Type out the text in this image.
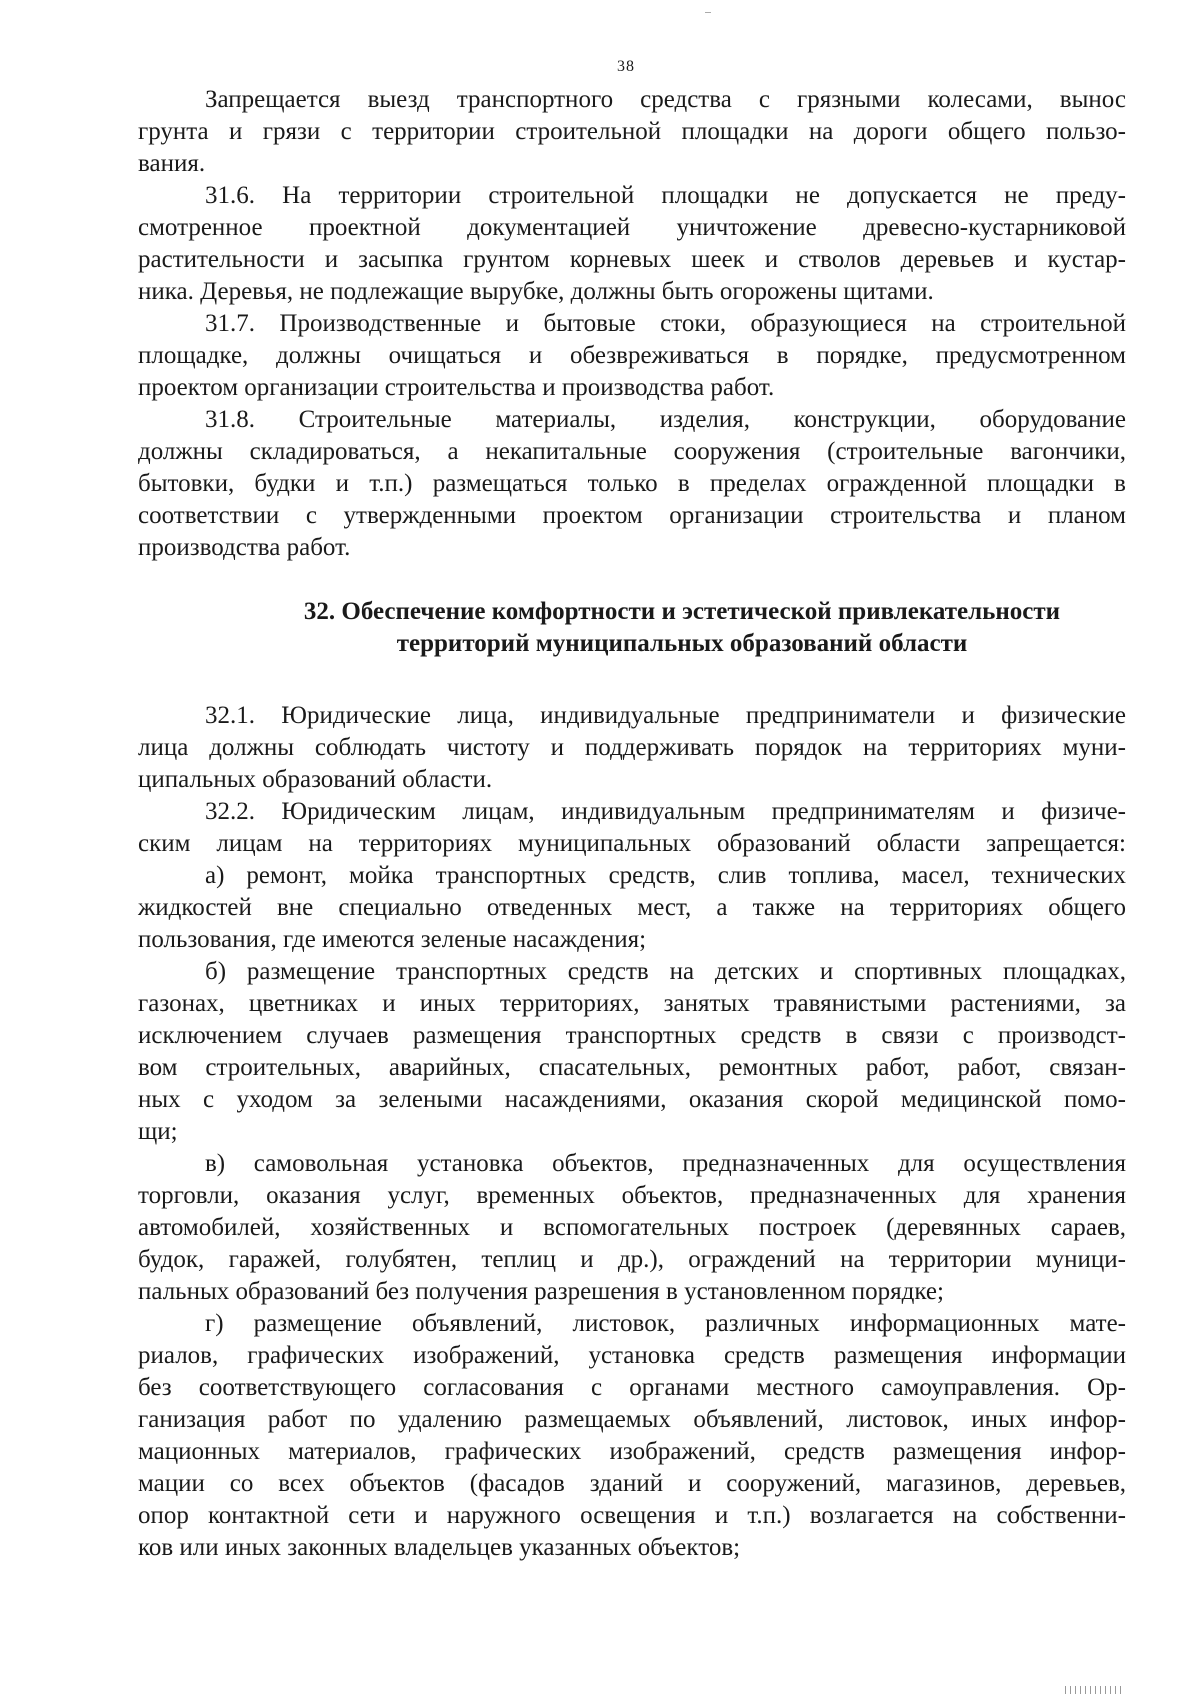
38
Запрещается выезд транспортного средства с грязными колесами, вынос
грунта и грязи с территории строительной площадки на дороги общего пользо-
вания.
31.6. На территории строительной площадки не допускается не преду-
смотренное проектной документацией уничтожение древесно-кустарниковой
растительности и засыпка грунтом корневых шеек и стволов деревьев и кустар-
ника. Деревья, не подлежащие вырубке, должны быть огорожены щитами.
31.7. Производственные и бытовые стоки, образующиеся на строительной
площадке, должны очищаться и обезвреживаться в порядке, предусмотренном
проектом организации строительства и производства работ.
31.8. Строительные материалы, изделия, конструкции, оборудование
должны складироваться, а некапитальные сооружения (строительные вагончики,
бытовки, будки и т.п.) размещаться только в пределах огражденной площадки в
соответствии с утвержденными проектом организации строительства и планом
производства работ.
32. Обеспечение комфортности и эстетической привлекательности
территорий муниципальных образований области
32.1. Юридические лица, индивидуальные предприниматели и физические
лица должны соблюдать чистоту и поддерживать порядок на территориях муни-
ципальных образований области.
32.2. Юридическим лицам, индивидуальным предпринимателям и физиче-
ским лицам на территориях муниципальных образований области запрещается:
а) ремонт, мойка транспортных средств, слив топлива, масел, технических
жидкостей вне специально отведенных мест, а также на территориях общего
пользования, где имеются зеленые насаждения;
б) размещение транспортных средств на детских и спортивных площадках,
газонах, цветниках и иных территориях, занятых травянистыми растениями, за
исключением случаев размещения транспортных средств в связи с производст-
вом строительных, аварийных, спасательных, ремонтных работ, работ, связан-
ных с уходом за зелеными насаждениями, оказания скорой медицинской помо-
щи;
в) самовольная установка объектов, предназначенных для осуществления
торговли, оказания услуг, временных объектов, предназначенных для хранения
автомобилей, хозяйственных и вспомогательных построек (деревянных сараев,
будок, гаражей, голубятен, теплиц и др.), ограждений на территории муници-
пальных образований без получения разрешения в установленном порядке;
г) размещение объявлений, листовок, различных информационных мате-
риалов, графических изображений, установка средств размещения информации
без соответствующего согласования с органами местного самоуправления. Ор-
ганизация работ по удалению размещаемых объявлений, листовок, иных инфор-
мационных материалов, графических изображений, средств размещения инфор-
мации со всех объектов (фасадов зданий и сооружений, магазинов, деревьев,
опор контактной сети и наружного освещения и т.п.) возлагается на собственни-
ков или иных законных владельцев указанных объектов;
